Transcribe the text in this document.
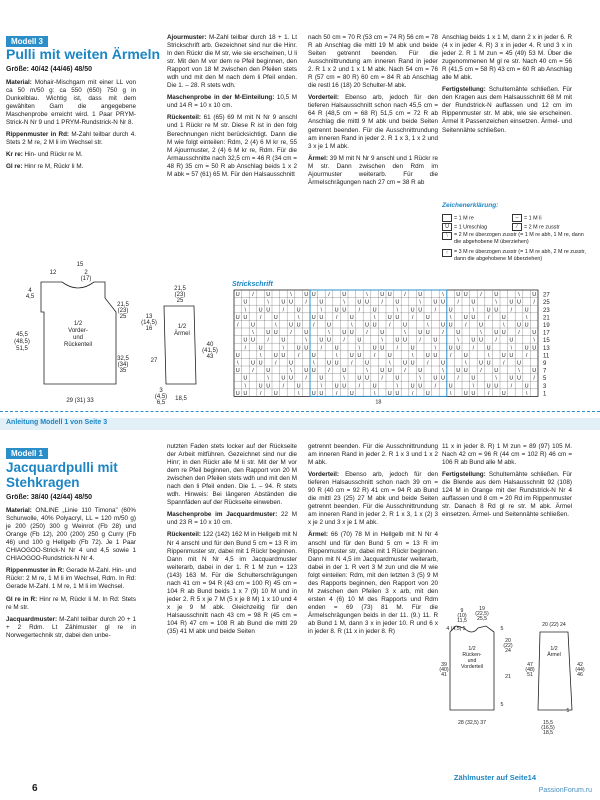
Modell 3
Pulli mit weiten Ärmeln

Größe: 40/42 (44/46) 48/50

Material: Mohair-Mischgarn mit einer LL von ca 50 m/50 g: ca 550 (650) 750 g in Dunkelblau. Wichtig ist, dass mit dem gewählten Garn die angegebene Maschenprobe erreicht wird. 1 Paar PRYM-Strick-N Nr 9 und 1 PRYM-Rundstrick-N Nr 8.

Rippenmuster in Rd: M-Zahl teilbar durch 4. Stets 2 M re, 2 M li im Wechsel str.

Kr re: Hin- und Rückr re M.

Gl re: Hinr re M, Rückr li M.

Ajourmuster: M-Zahl teilbar durch 18 + 1. Lt Strickschrift arb. Gezeichnet sind nur die Hinr. In den Rückr die M str, wie sie erscheinen, U li str. Mit den M vor dem re Pfeil beginnen, den Rapport von 18 M zwischen den Pfeilen stets wdh und mit den M nach dem li Pfeil enden. Die 1. – 28. R stets wdh.

Maschenprobe in der M-Einteilung: 10,5 M und 14 R = 10 x 10 cm.

Rückenteil: 61 (65) 69 M mit N Nr 9 anschl und 1 Rückr re M str. Diese R ist in den folg Berechnungen nicht berücksichtigt. Dann die M wie folgt einteilen: Rdm, 2 (4) 6 M kr re, 55 M Ajourmuster, 2 (4) 6 M kr re, Rdm. Für die Armausschnitte nach 32,5 cm = 46 R (34 cm = 48 R) 35 cm = 50 R ab Anschlag beids 1 x 2 M abk = 57 (61) 65 M. Für den Halsausschnitt

nach 50 cm = 70 R (53 cm = 74 R) 56 cm = 78 R ab Anschlag die mittl 19 M abk und beide Seiten getrennt beenden. Für die Ausschnittrundung am inneren Rand in jeder 2. R 1 x 2 und 1 x 1 M abk. Nach 54 cm = 76 R (57 cm = 80 R) 60 cm = 84 R ab Anschlag die restl 16 (18) 20 Schulter-M abk.

Vorderteil: Ebenso arb, jedoch für den tieferen Halsausschnitt schon nach 45,5 cm = 64 R (48,5 cm = 68 R) 51,5 cm = 72 R ab Anschlag die mittl 9 M abk und beide Seiten getrennt beenden. Für die Ausschnittrundung am inneren Rand in jeder 2. R 1 x 3, 1 x 2 und 3 x je 1 M abk.

Ärmel: 39 M mit N Nr 9 anschl und 1 Rückr re M str. Dann zwischen den Rdm im Ajourmuster weiterarb. Für die Ärmelschrägungen nach 27 cm = 38 R ab

Anschlag beids 1 x 1 M, dann 2 x in jeder 6. R (4 x in jeder 4. R) 3 x in jeder 4. R und 3 x in jeder 2. R 1 M zun = 45 (49) 53 M. Über die zugenommenen M gl re str. Nach 40 cm = 56 R (41,5 cm = 58 R) 43 cm = 60 R ab Anschlag alle M abk.

Fertigstellung: Schulternähte schließen. Für den Kragen aus dem Halsausschnitt 68 M mit der Rundstrick-N auffassen und 12 cm im Rippenmuster str. M abk, wie sie erscheinen. Ärmel lt Passenzeichen einsetzen. Ärmel- und Seitennähte schließen.

Zeichenerklärung:
= 1 M re	– = 1 M li
U = 1 Umschlag	⁄ = 2 M re zusstr
⧵	= 2 M re überzogen zusstr (= 1 M re abh, 1 M re, dann die abgehobene M überziehen)
↑	= 3 M re überzogen zusstr (= 1 M re abh, 2 M re zusstr, dann die abgehobene M überziehen)
Strickschrift
U / U	\ U U / U	\ U U / U	\ U U / U	\ U
U	\ U U / U	\ U U / U	\ U U / U	\ U U /
\ U U / U	\ U U / U	\ U U / U	\ U U / U
U U / U	\ U U / U	\ U U / U	\ U U / U	\
/ U	\ U U / U	\ U U / U	\ U U / U	\ U U
\ U U / U	\ U U / U	\ U U / U	\ U U / U
U U / U	\ U U / U	\ U U / U	\ U U / U	\
/ U	\ U U / U	\ U U / U	\ U U / U	\ U U
U	\ U U / U	\ U U / U	\ U U / U	\ U U /
\ U U / U	\ U U / U	\ U U / U	\ U U / U
U / U	\ U U / U	\ U U / U	\ U U / U	\ U
U	\ U U / U	\ U U / U	\ U U / U	\ U U /
\ U U / U	\ U U / U	\ U U / U	\ U U / U
U U / U	\ U U / U	\ U U / U	\ U U / U	\
27
25
23
21
19
17
15
13
11
9
7
5
3
1
18
12
15
2
(17)
4
4,5
21,5
(23)
25
45,5
(48,5)
51,5
1/2
Vorder-
und
Rückenteil
32,5
(34)
35
29 (31) 33
21,5
(23)
25
13
(14,5)
16	1/2
Ärmel
27
40
(41,5)
43
3
(4,5)
6,5
18,5
Anleitung Modell 1 von Seite 3
Modell 1
Jacquardpulli mit
Stehkragen

Größe: 38/40 (42/44) 48/50

Material: ONLINE „Linie 110 Timona" (60% Schurwolle, 40% Polyacryl, LL = 120 m/50 g) je 200 (250) 300 g Weinrot (Fb 28) und Orange (Fb 12), 200 (200) 250 g Curry (Fb 46) und 100 g Hellgelb (Fb 72). Je 1 Paar CHIAOGOO-Strick-N Nr 4 und 4,5 sowie 1 CHIAOGOO-Rundstrick-N Nr 4.

Rippenmuster in R: Gerade M-Zahl. Hin- und Rückr: 2 M re, 1 M li im Wechsel, Rdm. In Rd: Gerade M-Zahl. 1 M re, 1 M li im Wechsel.

Gl re in R: Hinr re M, Rückr li M. In Rd: Stets re M str.

Jacquardmuster: M-Zahl teilbar durch 20 + 1 + 2 Rdm. Lt Zählmuster gl re in Norwegertechnik str, dabei den unbe-

nutzten Faden stets locker auf der Rückseite der Arbeit mitführen. Gezeichnet sind nur die Hinr; in den Rückr alle M li str. Mit der M vor dem re Pfeil beginnen, den Rapport von 20 M zwischen den Pfeilen stets wdh und mit den M nach den li Pfeil enden. Die 1. – 94. R stets wdh. Hinweis: Bei längeren Abständen die Spannfäden auf der Rückseite einweben.

Maschenprobe im Jacquardmuster: 22 M und 23 R = 10 x 10 cm.

Rückenteil: 122 (142) 162 M in Hellgelb mit N Nr 4 anschl und für den Bund 5 cm = 13 R im Rippenmuster str, dabei mit 1 Rückr beginnen. Dann mit N Nr 4,5 im Jacquardmuster weiterarb, dabei in der 1. R 1 M zun = 123 (143) 163 M. Für die Schulterschrägungen nach 41 cm = 94 R (43 cm = 100 R) 45 cm = 104 R ab Bund beids 1 x 7 (9) 10 M und in jeder 2. R 5 x je 7 M (5 x je 8 M) 1 x 10 und 4 x je 9 M abk. Gleichzeitig für den Halsausschnitt nach 43 cm = 98 R (45 cm = 104 R) 47 cm = 108 R ab Bund die mittl 29 (35) 41 M abk und beide Seiten

getrennt beenden. Für die Ausschnittrundung am inneren Rand in jeder 2. R 1 x 3 und 1 x 2 M abk.

Vorderteil: Ebenso arb, jedoch für den tieferen Halsausschnitt schon nach 39 cm = 90 R (40 cm = 92 R) 41 cm = 94 R ab Bund die mittl 23 (25) 27 M abk und beide Seiten getrennt beenden. Für die Ausschnittrundung am inneren Rand in jeder 2. R 1 x 3, 1 x (2) 3 x je 2 und 3 x je 1 M abk.

Ärmel: 66 (70) 78 M in Hellgelb mit N Nr 4 anschl und für den Bund 5 cm = 13 R im Rippenmuster str, dabei mit 1 Rückr beginnen. Dann mit N 4,5 im Jacquardmuster weiterarb, dabei in der 1. R vert 3 M zun und die M wie folgt einteilen: Rdm, mit den letzten 3 (5) 9 M des Rapports beginnen, den Rapport von 20 M zwischen den Pfeilen 3 x arb, mit den ersten 4 (6) 10 M des Rapports und Rdm enden = 69 (73) 81 M. Für die Ärmelschrägungen beids in der 11. (9.) 11. R ab Bund 1 M, dann 3 x in jeder 10. R und 6 x in jeder 8. R (11 x in jeder 8. R)

11 x in jeder 8. R) 1 M zun = 89 (97) 105 M. Nach 42 cm = 96 R (44 cm = 102 R) 46 cm = 106 R ab Bund alle M abk.

Fertigstellung: Schulternähte schließen. Für die Blende aus dem Halsausschnitt 92 (108) 124 M in Orange mit der Rundstrick-N Nr 4 auffassen und 8 cm = 20 Rd im Rippenmuster str. Danach 8 Rd gl re str. M abk. Ärmel einsetzen. Ärmel- und Seitennähte schließen.

9
(10)
11,5
19
(22,5)
25,5
4 (4,5) 5	5
20
(22)
24
39
(40)
41
1/2
Rücken-
und
Vorderteil
21
5
28 (32,5) 37
20 (22) 24
1/2
Ärmel
47
(48)
51
42
(44)
46
5
15,5
(16,5)
18,5
Zählmuster auf Seite14
6	PassionForum.ru
